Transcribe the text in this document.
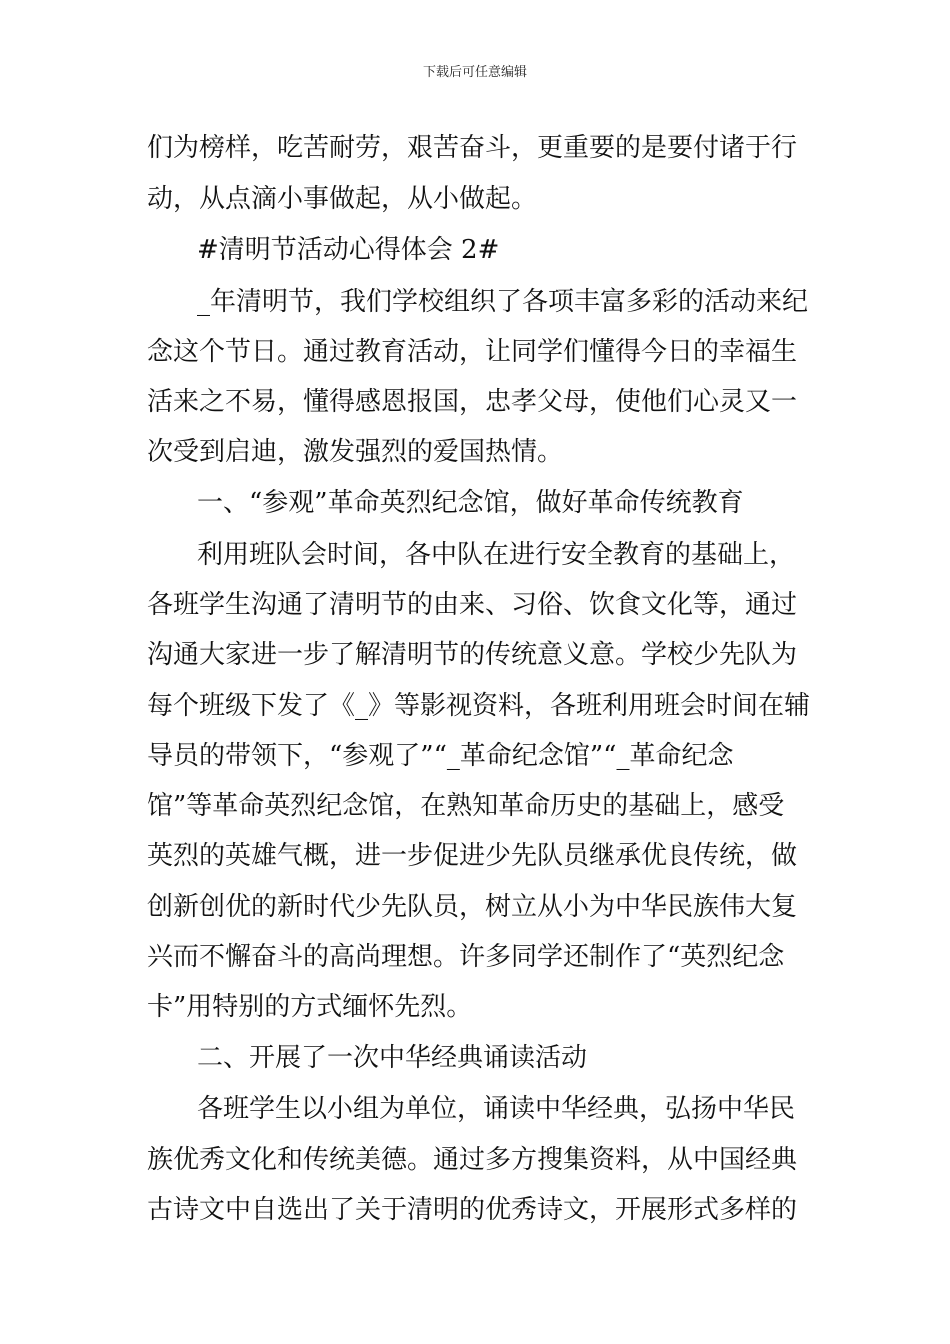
下载后可任意编辑
们为榜样，吃苦耐劳，艰苦奋斗，更重要的是要付诸于行
动，从点滴小事做起，从小做起。
#清明节活动心得体会 2#
_年清明节，我们学校组织了各项丰富多彩的活动来纪
念这个节日。通过教育活动，让同学们懂得今日的幸福生
活来之不易，懂得感恩报国，忠孝父母，使他们心灵又一
次受到启迪，激发强烈的爱国热情。
一、“参观”革命英烈纪念馆，做好革命传统教育
利用班队会时间，各中队在进行安全教育的基础上，
各班学生沟通了清明节的由来、习俗、饮食文化等，通过
沟通大家进一步了解清明节的传统意义意。学校少先队为
每个班级下发了《_》等影视资料，各班利用班会时间在辅
导员的带领下，“参观了”“_革命纪念馆”“_革命纪念
馆”等革命英烈纪念馆，在熟知革命历史的基础上，感受
英烈的英雄气概，进一步促进少先队员继承优良传统，做
创新创优的新时代少先队员，树立从小为中华民族伟大复
兴而不懈奋斗的高尚理想。许多同学还制作了“英烈纪念
卡”用特别的方式缅怀先烈。
二、开展了一次中华经典诵读活动
各班学生以小组为单位，诵读中华经典，弘扬中华民
族优秀文化和传统美德。通过多方搜集资料，从中国经典
古诗文中自选出了关于清明的优秀诗文，开展形式多样的
